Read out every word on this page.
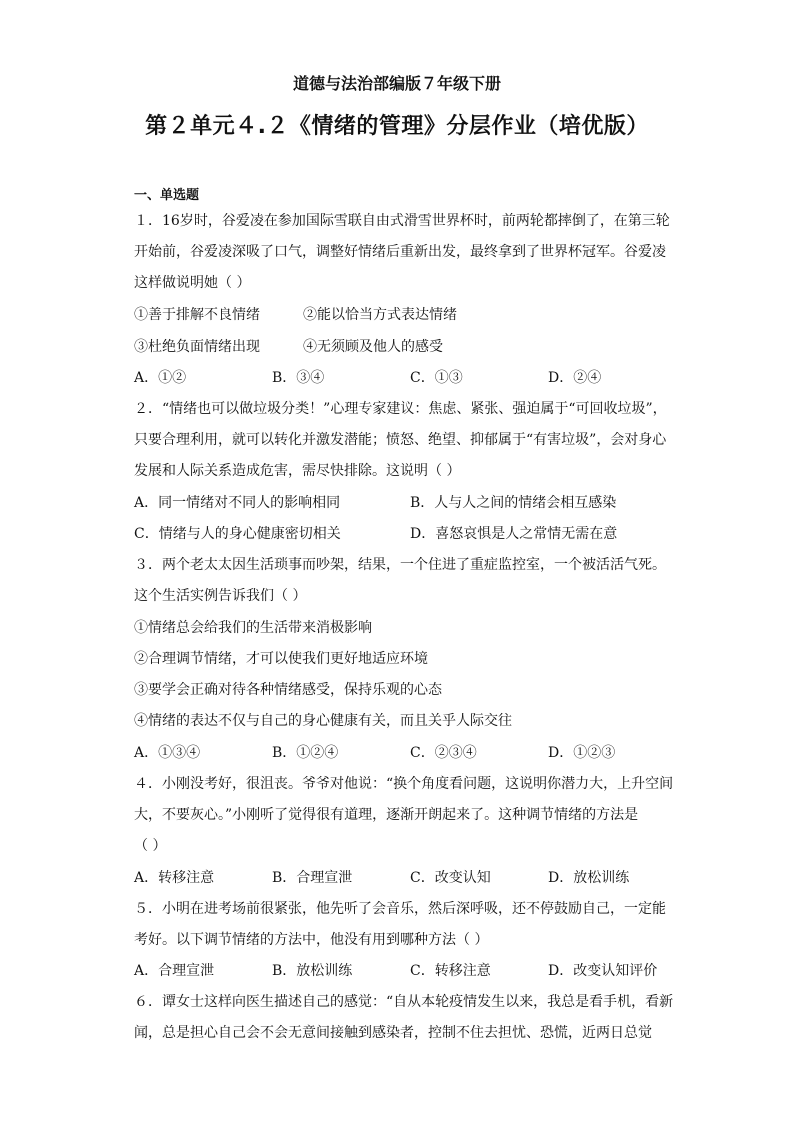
道德与法治部编版７年级下册
第２单元４.２《情绪的管理》分层作业（培优版）
一、单选题
１．16岁时，谷爱凌在参加国际雪联自由式滑雪世界杯时，前两轮都摔倒了，在第三轮
开始前，谷爱凌深吸了口气，调整好情绪后重新出发，最终拿到了世界杯冠军。谷爱凌
这样做说明她（ ）
①善于排解不良情绪	②能以恰当方式表达情绪
③杜绝负面情绪出现	④无须顾及他人的感受
A．①②	B．③④	C．①③	D．②④
２．“情绪也可以做垃圾分类！”心理专家建议：焦虑、紧张、强迫属于“可回收垃圾”，
只要合理利用，就可以转化并激发潜能；愤怒、绝望、抑郁属于“有害垃圾”，会对身心
发展和人际关系造成危害，需尽快排除。这说明（ ）
A．同一情绪对不同人的影响相同	B．人与人之间的情绪会相互感染
C．情绪与人的身心健康密切相关	D．喜怒哀惧是人之常情无需在意
３．两个老太太因生活琐事而吵架，结果，一个住进了重症监控室，一个被活活气死。
这个生活实例告诉我们（ ）
①情绪总会给我们的生活带来消极影响
②合理调节情绪，才可以使我们更好地适应环境
③要学会正确对待各种情绪感受，保持乐观的心态
④情绪的表达不仅与自己的身心健康有关，而且关乎人际交往
A．①③④	B．①②④	C．②③④	D．①②③
４．小刚没考好，很沮丧。爷爷对他说：“换个角度看问题，这说明你潜力大，上升空间
大，不要灰心。”小刚听了觉得很有道理，逐渐开朗起来了。这种调节情绪的方法是
（ ）
A．转移注意	B．合理宣泄	C．改变认知	D．放松训练
５．小明在进考场前很紧张，他先听了会音乐，然后深呼吸，还不停鼓励自己，一定能
考好。以下调节情绪的方法中，他没有用到哪种方法（ ）
A．合理宣泄	B．放松训练	C．转移注意	D．改变认知评价
６．谭女士这样向医生描述自己的感觉：“自从本轮疫情发生以来，我总是看手机，看新
闻，总是担心自己会不会无意间接触到感染者，控制不住去担忧、恐慌，近两日总觉
